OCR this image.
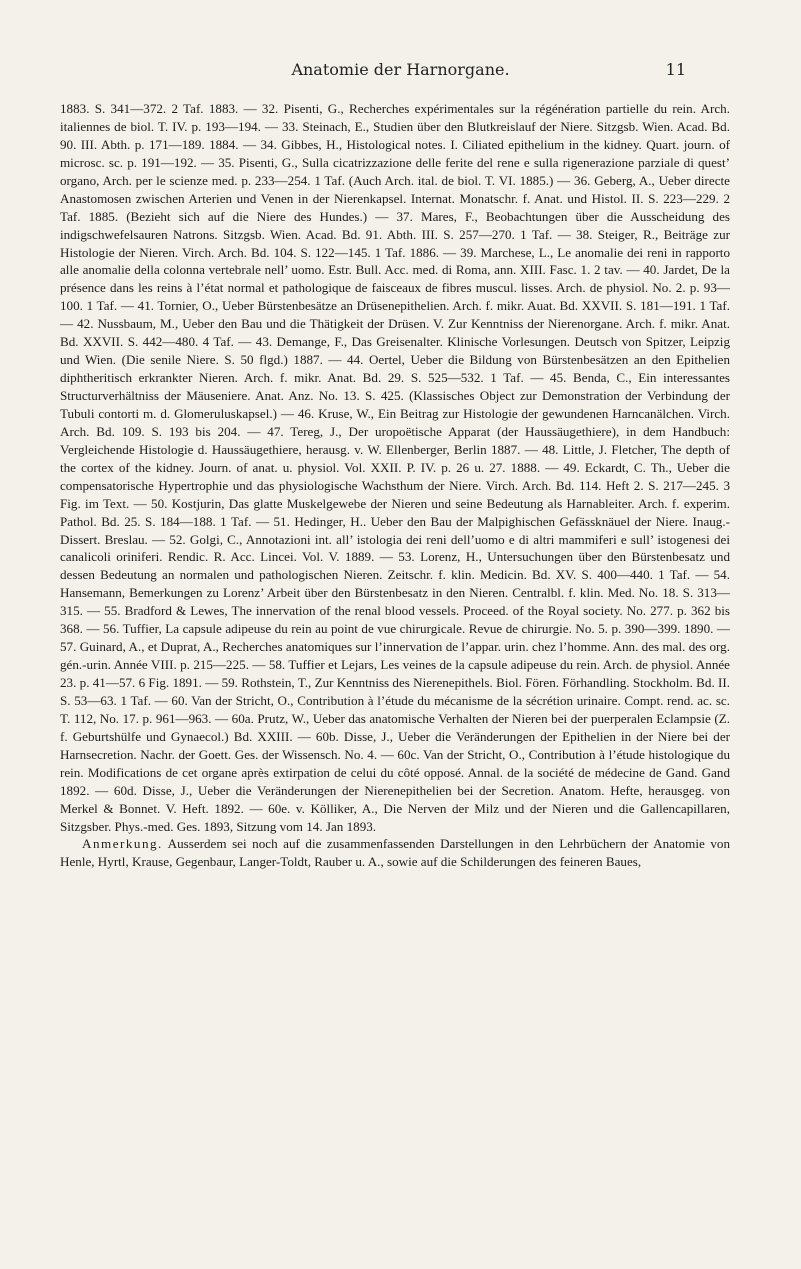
Anatomie der Harnorgane.	11

1883. S. 341—372. 2 Taf. 1883. — 32. Pisenti, G., Recherches expérimentales sur la régénération partielle du rein. Arch. italiennes de biol. T. IV. p. 193—194. — 33. Steinach, E., Studien über den Blutkreislauf der Niere. Sitzgsb. Wien. Acad. Bd. 90. III. Abth. p. 171—189. 1884. — 34. Gibbes, H., Histological notes. I. Ciliated epithelium in the kidney. Quart. journ. of microsc. sc. p. 191—192. — 35. Pisenti, G., Sulla cicatrizzazione delle ferite del rene e sulla rigenerazione parziale di quest’ organo, Arch. per le scienze med. p. 233—254. 1 Taf. (Auch Arch. ital. de biol. T. VI. 1885.) — 36. Geberg, A., Ueber directe Anastomosen zwischen Arterien und Venen in der Nierenkapsel. Internat. Monatschr. f. Anat. und Histol. II. S. 223—229. 2 Taf. 1885. (Bezieht sich auf die Niere des Hundes.) — 37. Mares, F., Beobachtungen über die Ausscheidung des indigschwefelsauren Natrons. Sitzgsb. Wien. Acad. Bd. 91. Abth. III. S. 257—270. 1 Taf. — 38. Steiger, R., Beiträge zur Histologie der Nieren. Virch. Arch. Bd. 104. S. 122—145. 1 Taf. 1886. — 39. Marchese, L., Le anomalie dei reni in rapporto alle anomalie della colonna vertebrale nell’ uomo. Estr. Bull. Acc. med. di Roma, ann. XIII. Fasc. 1. 2 tav. — 40. Jardet, De la présence dans les reins à l’état normal et pathologique de faisceaux de fibres muscul. lisses. Arch. de physiol. No. 2. p. 93—100. 1 Taf. — 41. Tornier, O., Ueber Bürstenbesätze an Drüsenepithelien. Arch. f. mikr. Auat. Bd. XXVII. S. 181—191. 1 Taf. — 42. Nussbaum, M., Ueber den Bau und die Thätigkeit der Drüsen. V. Zur Kenntniss der Nierenorgane. Arch. f. mikr. Anat. Bd. XXVII. S. 442—480. 4 Taf. — 43. Demange, F., Das Greisenalter. Klinische Vorlesungen. Deutsch von Spitzer, Leipzig und Wien. (Die senile Niere. S. 50 flgd.) 1887. — 44. Oertel, Ueber die Bildung von Bürstenbesätzen an den Epithelien diphtheritisch erkrankter Nieren. Arch. f. mikr. Anat. Bd. 29. S. 525—532. 1 Taf. — 45. Benda, C., Ein interessantes Structurverhältniss der Mäuseniere. Anat. Anz. No. 13. S. 425. (Klassisches Object zur Demonstration der Verbindung der Tubuli contorti m. d. Glomeruluskapsel.) — 46. Kruse, W., Ein Beitrag zur Histologie der gewundenen Harncanälchen. Virch. Arch. Bd. 109. S. 193 bis 204. — 47. Tereg, J., Der uropoëtische Apparat (der Haussäugethiere), in dem Handbuch: Vergleichende Histologie d. Haussäugethiere, herausg. v. W. Ellenberger, Berlin 1887. — 48. Little, J. Fletcher, The depth of the cortex of the kidney. Journ. of anat. u. physiol. Vol. XXII. P. IV. p. 26 u. 27. 1888. — 49. Eckardt, C. Th., Ueber die compensatorische Hypertrophie und das physiologische Wachsthum der Niere. Virch. Arch. Bd. 114. Heft 2. S. 217—245. 3 Fig. im Text. — 50. Kostjurin, Das glatte Muskelgewebe der Nieren und seine Bedeutung als Harnableiter. Arch. f. experim. Pathol. Bd. 25. S. 184—188. 1 Taf. — 51. Hedinger, H.. Ueber den Bau der Malpighischen Gefässknäuel der Niere. Inaug.-Dissert. Breslau. — 52. Golgi, C., Annotazioni int. all’ istologia dei reni dell’uomo e di altri mammiferi e sull’ istogenesi dei canalicoli oriniferi. Rendic. R. Acc. Lincei. Vol. V. 1889. — 53. Lorenz, H., Untersuchungen über den Bürstenbesatz und dessen Bedeutung an normalen und pathologischen Nieren. Zeitschr. f. klin. Medicin. Bd. XV. S. 400—440. 1 Taf. — 54. Hansemann, Bemerkungen zu Lorenz’ Arbeit über den Bürstenbesatz in den Nieren. Centralbl. f. klin. Med. No. 18. S. 313—315. — 55. Bradford & Lewes, The innervation of the renal blood vessels. Proceed. of the Royal society. No. 277. p. 362 bis 368. — 56. Tuffier, La capsule adipeuse du rein au point de vue chirurgicale. Revue de chirurgie. No. 5. p. 390—399. 1890. — 57. Guinard, A., et Duprat, A., Recherches anatomiques sur l’innervation de l’appar. urin. chez l’homme. Ann. des mal. des org. gén.-urin. Année VIII. p. 215—225. — 58. Tuffier et Lejars, Les veines de la capsule adipeuse du rein. Arch. de physiol. Année 23. p. 41—57. 6 Fig. 1891. — 59. Rothstein, T., Zur Kenntniss des Nierenepithels. Biol. Fören. Förhandling. Stockholm. Bd. II. S. 53—63. 1 Taf. — 60. Van der Stricht, O., Contribution à l’étude du mécanisme de la sécrétion urinaire. Compt. rend. ac. sc. T. 112, No. 17. p. 961—963. — 60a. Prutz, W., Ueber das anatomische Verhalten der Nieren bei der puerperalen Eclampsie (Z. f. Geburtshülfe und Gynaecol.) Bd. XXIII. — 60b. Disse, J., Ueber die Veränderungen der Epithelien in der Niere bei der Harnsecretion. Nachr. der Goett. Ges. der Wissensch. No. 4. — 60c. Van der Stricht, O., Contribution à l’étude histologique du rein. Modifications de cet organe après extirpation de celui du côté opposé. Annal. de la société de médecine de Gand. Gand 1892. — 60d. Disse, J., Ueber die Veränderungen der Nierenepithelien bei der Secretion. Anatom. Hefte, herausgeg. von Merkel & Bonnet. V. Heft. 1892. — 60e. v. Kölliker, A., Die Nerven der Milz und der Nieren und die Gallencapillaren, Sitzgsber. Phys.-med. Ges. 1893, Sitzung vom 14. Jan 1893.

Anmerkung. Ausserdem sei noch auf die zusammenfassenden Darstellungen in den Lehrbüchern der Anatomie von Henle, Hyrtl, Krause, Gegenbaur, Langer-Toldt, Rauber u. A., sowie auf die Schilderungen des feineren Baues,
